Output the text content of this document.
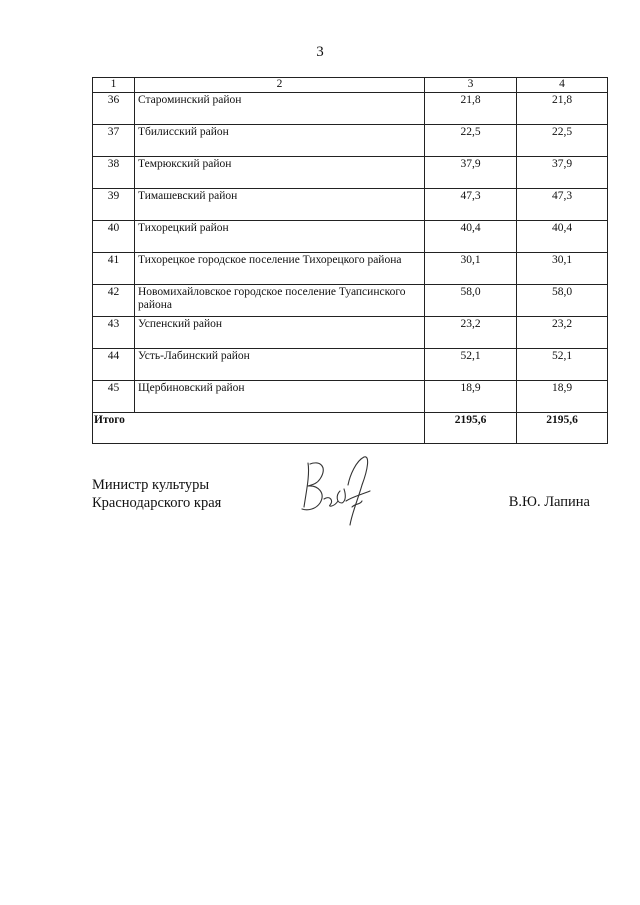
3
1	2	3	4
36	Староминский район	21,8	21,8
37	Тбилисский район	22,5	22,5
38	Темрюкский район	37,9	37,9
39	Тимашевский район	47,3	47,3
40	Тихорецкий район	40,4	40,4
41	Тихорецкое городское поселение Тихорецкого района	30,1	30,1
42	Новомихайловское городское поселение Туапсинского района	58,0	58,0
43	Успенский район	23,2	23,2
44	Усть-Лабинский район	52,1	52,1
45	Щербиновский район	18,9	18,9
Итого		2195,6	2195,6
Министр культуры
Краснодарского края	В.Ю. Лапина
